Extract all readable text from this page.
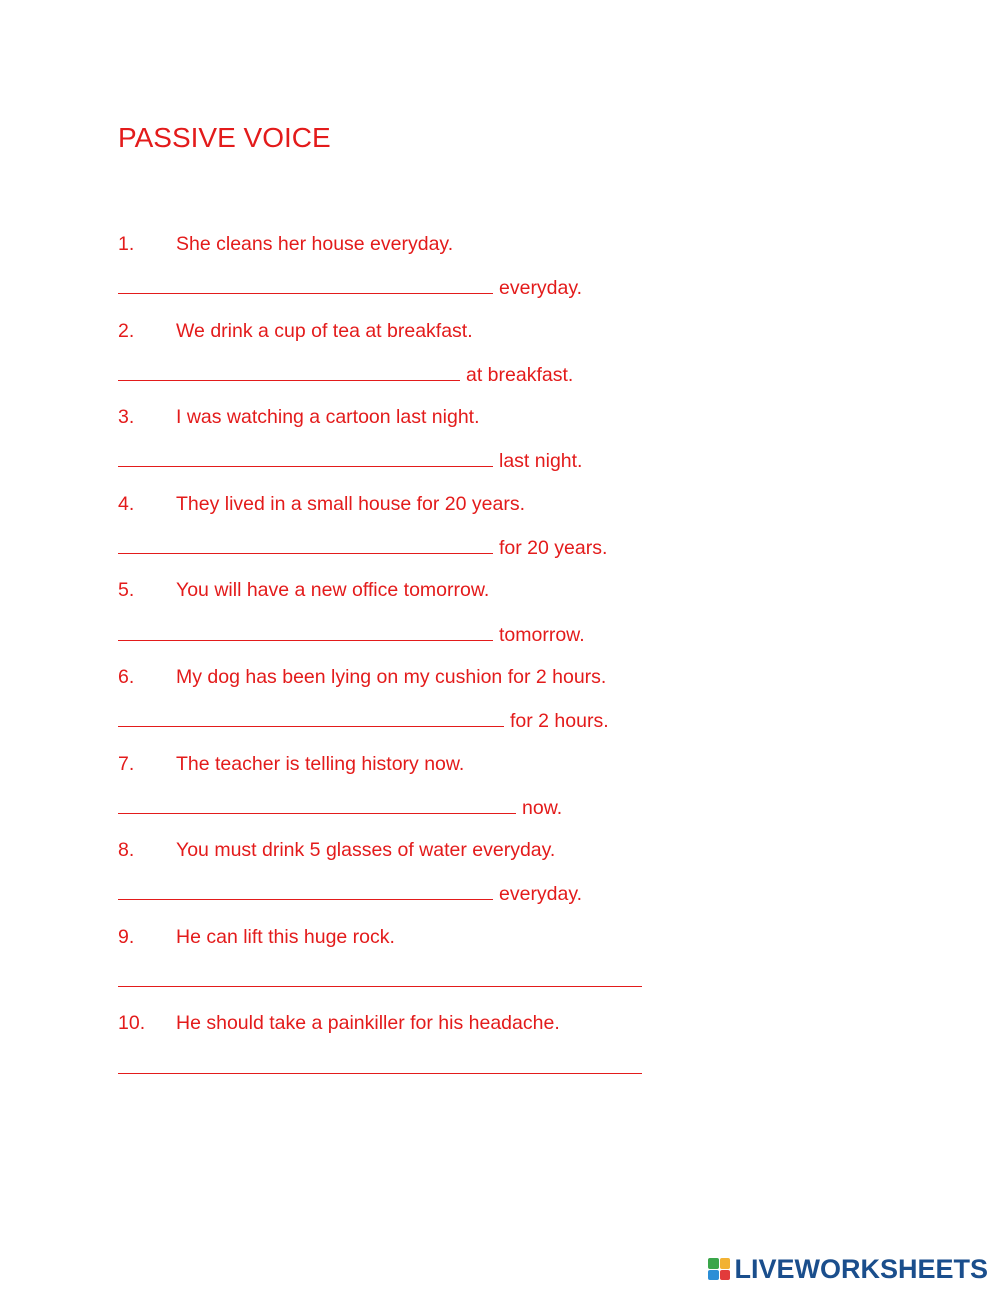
PASSIVE VOICE
1. She cleans her house everyday.
everyday.
2. We drink a cup of tea at breakfast.
at breakfast.
3. I was watching a cartoon last night.
last night.
4. They lived in a small house for 20 years.
for 20 years.
5. You will have a new office tomorrow.
tomorrow.
6. My dog has been lying on my cushion for 2 hours.
for 2 hours.
7. The teacher is telling history now.
now.
8. You must drink 5 glasses of water everyday.
everyday.
9. He can lift this huge rock.
10. He should take a painkiller for his headache.
LIVEWORKSHEETS
